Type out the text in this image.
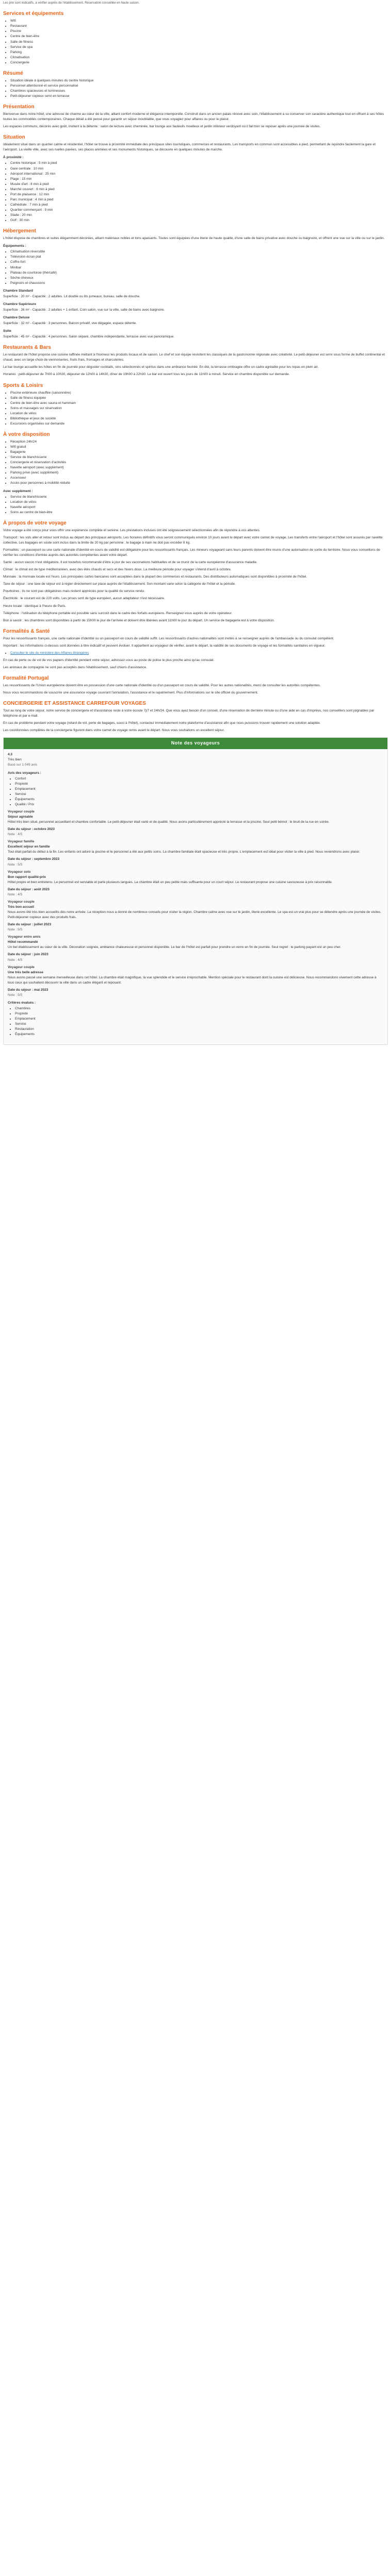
Les prix sont indicatifs, à vérifier auprès de l'établissement. Réservation conseillée en haute saison.

Services et équipements
• Wifi
• Restaurant
• Piscine
• Centre de bien-être
• Salle de fitness
• Service de spa
• Parking
• Climatisation
• Conciergerie
Résumé
• Situation idéale à quelques minutes du centre historique
• Personnel attentionné et service personnalisé
• Chambres spacieuses et lumineuses
• Petit-déjeuner copieux servi en terrasse
Présentation

Bienvenue dans notre hôtel, une adresse de charme au cœur de la ville, alliant confort moderne et élégance intemporelle. Construit dans un ancien palais rénové avec soin, l'établissement a su conserver son caractère authentique tout en offrant à ses hôtes toutes les commodités contemporaines. Chaque détail a été pensé pour garantir un séjour inoubliable, que vous voyagiez pour affaires ou pour le plaisir.

Les espaces communs, décorés avec goût, invitent à la détente : salon de lecture avec cheminée, bar lounge aux fauteuils moelleux et jardin intérieur verdoyant où il fait bon se reposer après une journée de visites.

Situation

Idéalement situé dans un quartier calme et résidentiel, l'hôtel se trouve à proximité immédiate des principaux sites touristiques, commerces et restaurants. Les transports en commun sont accessibles à pied, permettant de rejoindre facilement la gare et l'aéroport. La vieille ville, avec ses ruelles pavées, ses places animées et ses monuments historiques, se découvre en quelques minutes de marche.

À proximité :
• Centre historique : 5 min à pied
• Gare centrale : 10 min
• Aéroport international : 25 min
• Plage : 15 min
• Musée d'art : 8 min à pied
• Marché couvert : 6 min à pied
• Port de plaisance : 12 min
• Parc municipal : 4 min à pied
• Cathédrale : 7 min à pied
• Quartier commerçant : 9 min
• Stade : 20 min
• Golf : 30 min
Hébergement

L'hôtel dispose de chambres et suites élégamment décorées, alliant matériaux nobles et tons apaisants. Toutes sont équipées d'une literie de haute qualité, d'une salle de bains privative avec douche ou baignoire, et offrent une vue sur la ville ou sur le jardin.

Équipements :
• Climatisation réversible
• Télévision écran plat
• Coffre-fort
• Minibar
• Plateau de courtoisie (thé/café)
• Sèche-cheveux
• Peignoirs et chaussons
Chambre Standard

Superficie : 20 m² - Capacité : 2 adultes. Lit double ou lits jumeaux, bureau, salle de douche.

Chambre Supérieure

Superficie : 26 m² - Capacité : 2 adultes + 1 enfant. Coin salon, vue sur la ville, salle de bains avec baignoire.

Chambre Deluxe

Superficie : 32 m² - Capacité : 3 personnes. Balcon privatif, vue dégagée, espace détente.

Suite

Superficie : 45 m² - Capacité : 4 personnes. Salon séparé, chambre indépendante, terrasse avec vue panoramique.

Restaurants & Bars

Le restaurant de l'hôtel propose une cuisine raffinée mettant à l'honneur les produits locaux et de saison. Le chef et son équipe revisitent les classiques de la gastronomie régionale avec créativité. Le petit-déjeuner est servi sous forme de buffet continental et chaud, avec un large choix de viennoiseries, fruits frais, fromages et charcuteries.

Le bar lounge accueille les hôtes en fin de journée pour déguster cocktails, vins sélectionnés et spiritus dans une ambiance feutrée. En été, la terrasse ombragée offre un cadre agréable pour les repas en plein air.

Horaires : petit-déjeuner de 7h00 à 10h30, déjeuner de 12h00 à 14h30, dîner de 19h00 à 22h30. Le bar est ouvert tous les jours de 11h00 à minuit. Service en chambre disponible sur demande.

Sports & Loisirs
• Piscine extérieure chauffée (saisonnière)
• Salle de fitness équipée
• Centre de bien-être avec sauna et hammam
• Soins et massages sur réservation
• Location de vélos
• Bibliothèque et jeux de société
• Excursions organisées sur demande
À votre disposition
• Réception 24h/24
• Wifi gratuit
• Bagagerie
• Service de blanchisserie
• Conciergerie et réservation d'activités
• Navette aéroport (avec supplément)
• Parking privé (avec supplément)
• Ascenseur
• Accès pour personnes à mobilité réduite
Avec supplément :
• Service de blanchisserie
• Location de vélos
• Navette aéroport
• Soins au centre de bien-être
À propos de votre voyage

Votre voyage a été conçu pour vous offrir une expérience complète et sereine. Les prestations incluses ont été soigneusement sélectionnées afin de répondre à vos attentes.

Transport : les vols aller et retour sont inclus au départ des principaux aéroports. Les horaires définitifs vous seront communiqués environ 10 jours avant le départ avec votre carnet de voyage. Les transferts entre l'aéroport et l'hôtel sont assurés par navette collective. Les bagages en soute sont inclus dans la limite de 20 kg par personne ; le bagage à main ne doit pas excéder 8 kg.

Formalités : un passeport ou une carte nationale d'identité en cours de validité est obligatoire pour les ressortissants français. Les mineurs voyageant sans leurs parents doivent être munis d'une autorisation de sortie du territoire. Nous vous conseillons de vérifier les conditions d'entrée auprès des autorités compétentes avant votre départ.

Santé : aucun vaccin n'est obligatoire. Il est toutefois recommandé d'être à jour de ses vaccinations habituelles et de se munir de la carte européenne d'assurance maladie.

Climat : le climat est de type méditerranéen, avec des étés chauds et secs et des hivers doux. La meilleure période pour voyager s'étend d'avril à octobre.

Monnaie : la monnaie locale est l'euro. Les principales cartes bancaires sont acceptées dans la plupart des commerces et restaurants. Des distributeurs automatiques sont disponibles à proximité de l'hôtel.

Taxe de séjour : une taxe de séjour est à régler directement sur place auprès de l'établissement. Son montant varie selon la catégorie de l'hôtel et la période.

Pourboires : ils ne sont pas obligatoires mais restent appréciés pour la qualité du service rendu.

Électricité : le courant est de 220 volts. Les prises sont de type européen, aucun adaptateur n'est nécessaire.

Heure locale : identique à l'heure de Paris.

Téléphone : l'utilisation du téléphone portable est possible sans surcoût dans le cadre des forfaits européens. Renseignez-vous auprès de votre opérateur.

Bon à savoir : les chambres sont disponibles à partir de 15h00 le jour de l'arrivée et doivent être libérées avant 11h00 le jour du départ. Un service de bagagerie est à votre disposition.

Formalités & Santé

Pour les ressortissants français, une carte nationale d'identité ou un passeport en cours de validité suffit. Les ressortissants d'autres nationalités sont invités à se renseigner auprès de l'ambassade ou du consulat compétent.

Important : les informations ci-dessus sont données à titre indicatif et peuvent évoluer. Il appartient au voyageur de vérifier, avant le départ, la validité de ses documents de voyage et les formalités sanitaires en vigueur.

• Consulter le site du ministère des Affaires étrangères

En cas de perte ou de vol de vos papiers d'identité pendant votre séjour, adressez-vous au poste de police le plus proche ainsi qu'au consulat.

Les animaux de compagnie ne sont pas acceptés dans l'établissement, sauf chiens d'assistance.

Formalité Portugal

Les ressortissants de l'Union européenne doivent être en possession d'une carte nationale d'identité ou d'un passeport en cours de validité. Pour les autres nationalités, merci de consulter les autorités compétentes.

Nous vous recommandons de souscrire une assurance voyage couvrant l'annulation, l'assistance et le rapatriement. Plus d'informations sur le site officiel du gouvernement.

CONCIERGERIE ET ASSISTANCE CARREFOUR VOYAGES

Tout au long de votre séjour, notre service de conciergerie et d'assistance reste à votre écoute 7j/7 et 24h/24. Que vous ayez besoin d'un conseil, d'une réservation de dernière minute ou d'une aide en cas d'imprévu, nos conseillers sont joignables par téléphone et par e-mail.

En cas de problème pendant votre voyage (retard de vol, perte de bagages, souci à l'hôtel), contactez immédiatement notre plateforme d'assistance afin que nous puissions trouver rapidement une solution adaptée.

Les coordonnées complètes de la conciergerie figurent dans votre carnet de voyage remis avant le départ. Nous vous souhaitons un excellent séjour.

Note des voyageurs
4.3
Très bien
Basé sur 1 049 avis
Avis des voyageurs :
• Confort
• Propreté
• Emplacement
• Service
• Équipements
• Qualité / Prix
Voyageur couple
Séjour agréable

Hôtel très bien situé, personnel accueillant et chambre confortable. Le petit-déjeuner était varié et de qualité. Nous avons particulièrement apprécié la terrasse et la piscine. Seul petit bémol : le bruit de la rue en soirée.

Date du séjour : octobre 2023

Note : 4/5

Voyageur famille
Excellent séjour en famille

Tout était parfait du début à la fin. Les enfants ont adoré la piscine et le personnel a été aux petits soins. La chambre familiale était spacieuse et très propre. L'emplacement est idéal pour visiter la ville à pied. Nous reviendrons avec plaisir.

Date du séjour : septembre 2023

Note : 5/5

Voyageur solo
Bon rapport qualité-prix

Hôtel propre et bien entretenu. Le personnel est serviable et parle plusieurs langues. La chambre était un peu petite mais suffisante pour un court séjour. Le restaurant propose une cuisine savoureuse à prix raisonnable.

Date du séjour : août 2023

Note : 4/5

Voyageur couple
Très bon accueil

Nous avons été très bien accueillis dès notre arrivée. La réception nous a donné de nombreux conseils pour visiter la région. Chambre calme avec vue sur le jardin, literie excellente. Le spa est un vrai plus pour se détendre après une journée de visites. Petit-déjeuner copieux avec des produits frais.

Date du séjour : juillet 2023

Note : 5/5

Voyageur entre amis
Hôtel recommandé

Un bel établissement au cœur de la ville. Décoration soignée, ambiance chaleureuse et personnel disponible. Le bar de l'hôtel est parfait pour prendre un verre en fin de journée. Seul regret : le parking payant est un peu cher.

Date du séjour : juin 2023

Note : 4/5

Voyageur couple
Une très belle adresse

Nous avons passé une semaine merveilleuse dans cet hôtel. La chambre était magnifique, la vue splendide et le service irréprochable. Mention spéciale pour le restaurant dont la cuisine est délicieuse. Nous recommandons vivement cette adresse à tous ceux qui souhaitent découvrir la ville dans un cadre élégant et reposant.

Date du séjour : mai 2023

Note : 5/5

Critères évalués :
• Chambres
• Propreté
• Emplacement
• Service
• Restauration
• Équipements
